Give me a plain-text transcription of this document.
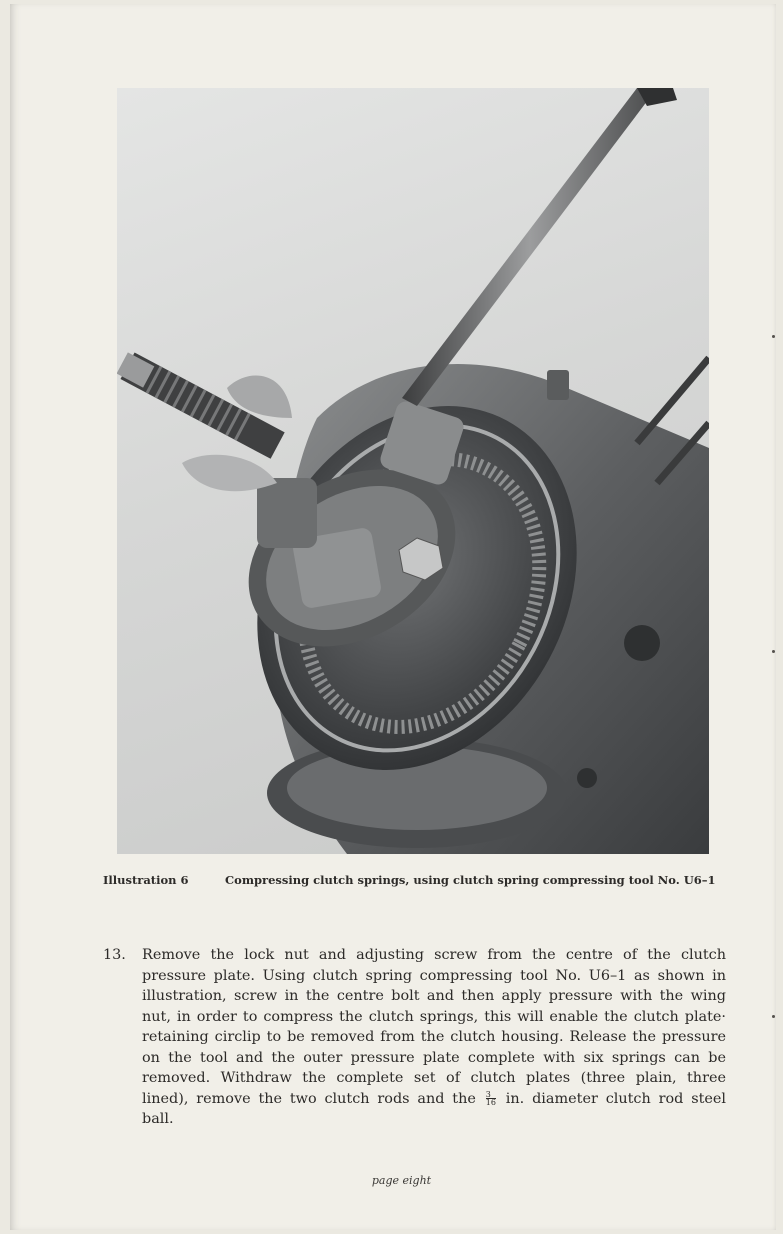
Illustration 6	Compressing clutch springs, using clutch spring compressing tool No. U6–1
13. Remove the lock nut and adjusting screw from the centre of the clutch
pressure plate. Using clutch spring compressing tool No. U6–1 as shown in
illustration, screw in the centre bolt and then apply pressure with the wing
nut, in order to compress the clutch springs, this will enable the clutch plate·
retaining circlip to be removed from the clutch housing. Release the pressure
on the tool and the outer pressure plate complete with six springs can be
removed. Withdraw the complete set of clutch plates (three plain, three
lined), remove the two clutch rods and the $\frac{3}{16}$ in. diameter clutch rod steel
ball.
page eight
